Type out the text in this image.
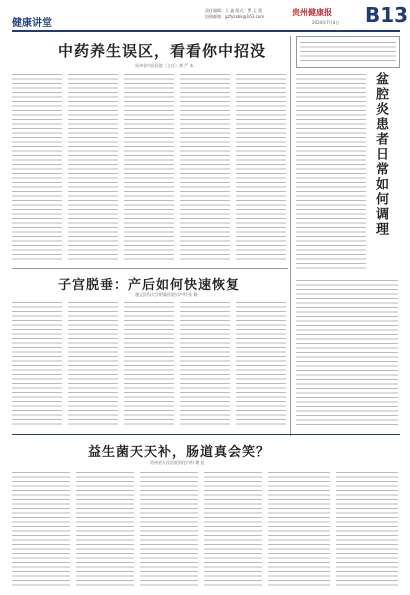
健康讲堂
责任编辑：王 鑫 版式：罗 玉 霞
投稿邮箱：gzfyzxbk@163.com	贵州健康报 B13
2024年7月4日
中药养生误区，看看你中招没
贵州省中医医院（主任）龚 严 本
子宫脱垂：产后如何快速恢复
遵义医科大学附属医院妇产科 张 颖
盆腔炎患者日常如何调理
益生菌天天补，肠道真会笑？
贵州省人民医院消化内科 谢 佳
